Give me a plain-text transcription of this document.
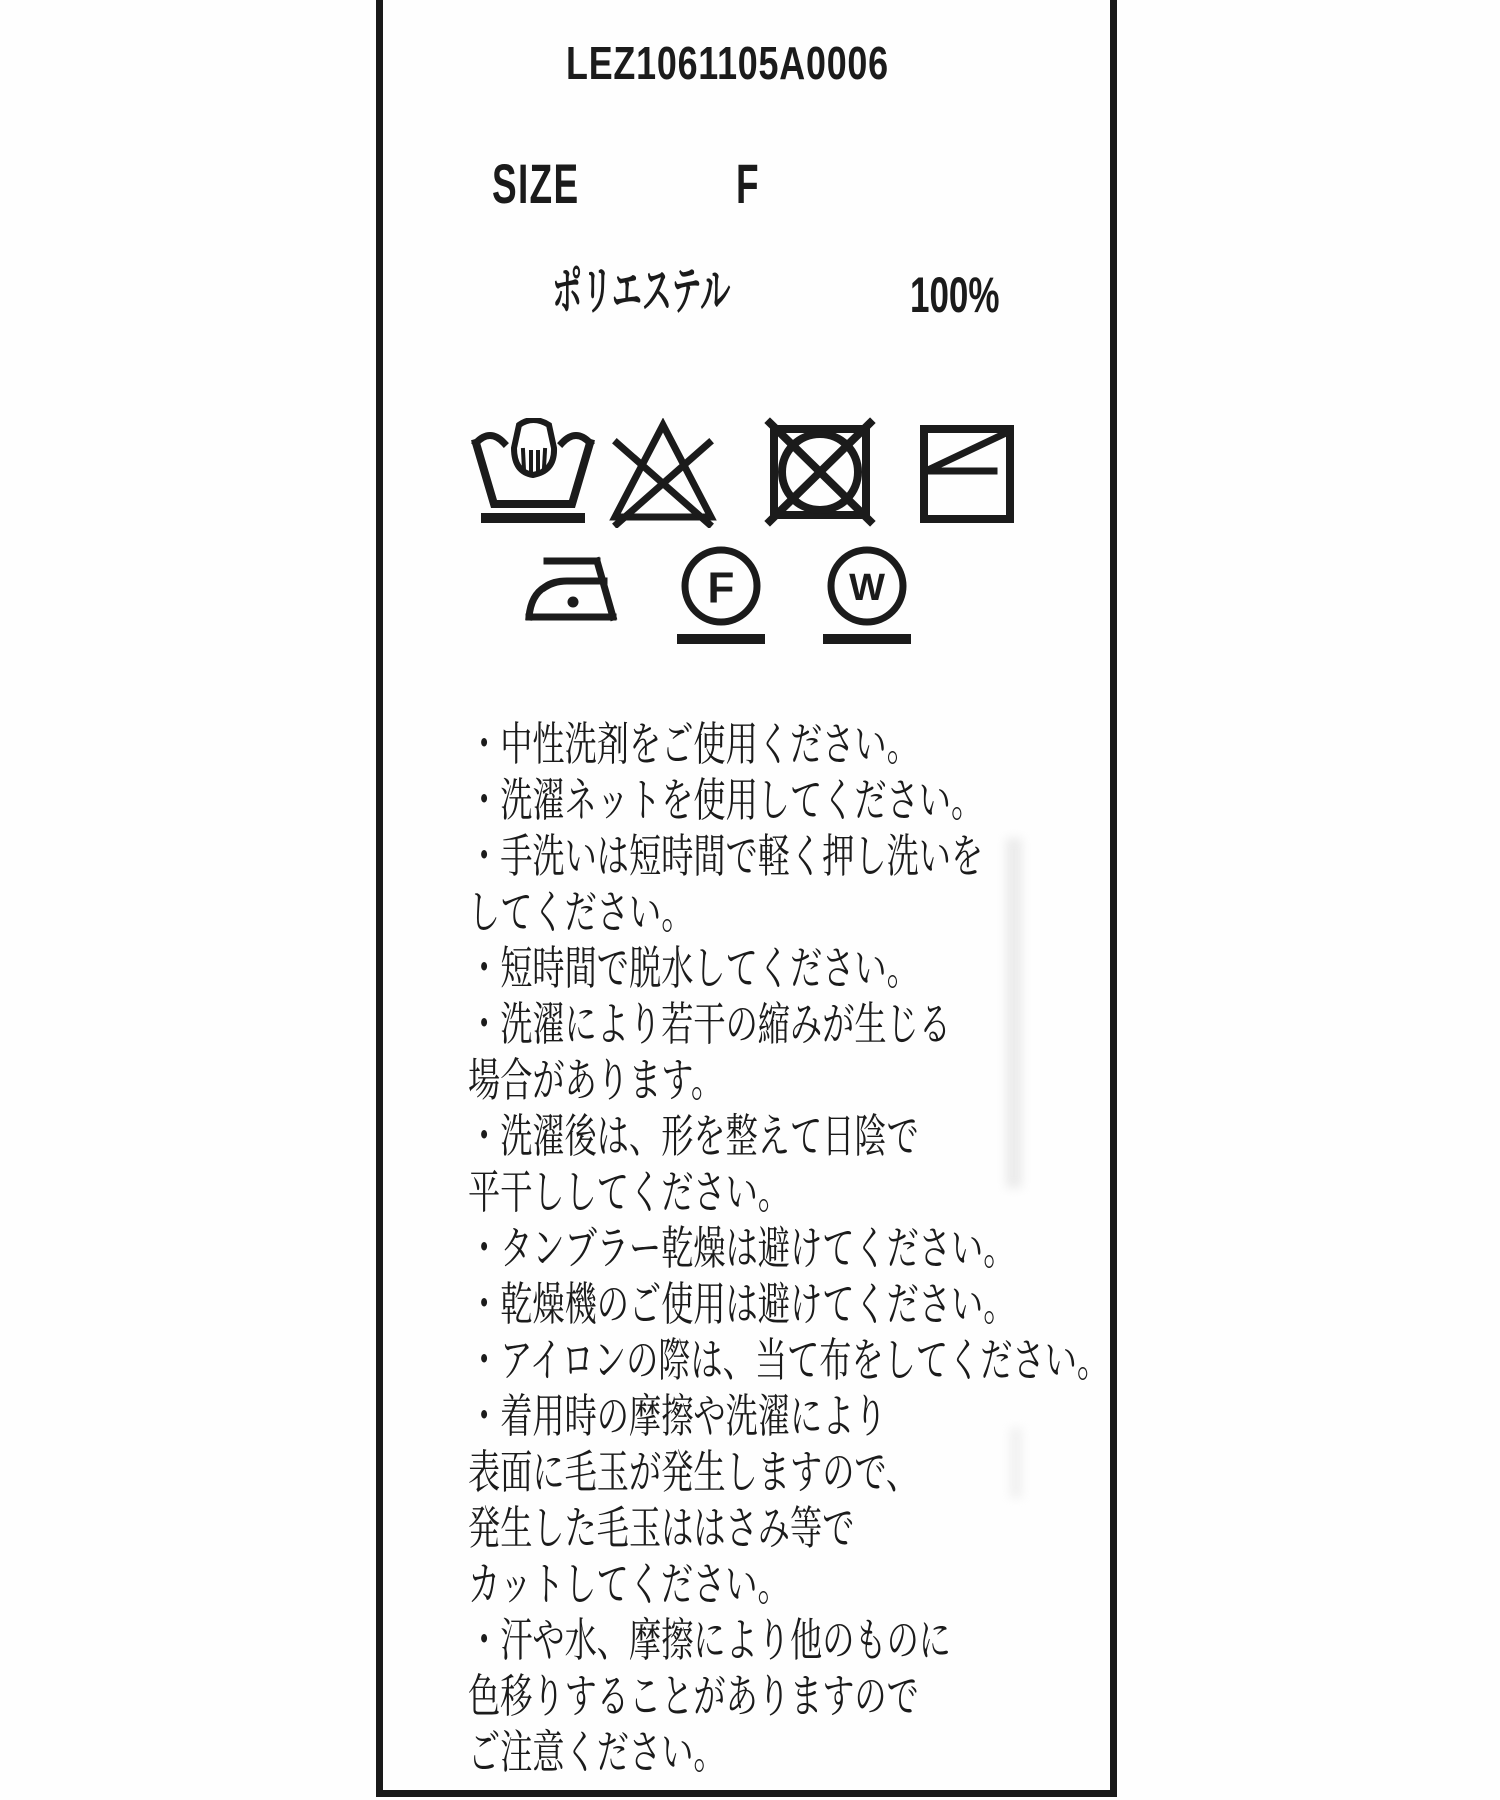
LEZ1061105A0006
SIZE	F
ポリエステル	100%
F	W
・中性洗剤をご使用ください。
・洗濯ネットを使用してください。
・手洗いは短時間で軽く押し洗いを
してください。
・短時間で脱水してください。
・洗濯により若干の縮みが生じる
場合があります。
・洗濯後は、形を整えて日陰で
平干ししてください。
・タンブラー乾燥は避けてください。
・乾燥機のご使用は避けてください。
・アイロンの際は、当て布をしてください。
・着用時の摩擦や洗濯により
表面に毛玉が発生しますので、
発生した毛玉ははさみ等で
カットしてください。
・汗や水、摩擦により他のものに
色移りすることがありますので
ご注意ください。
